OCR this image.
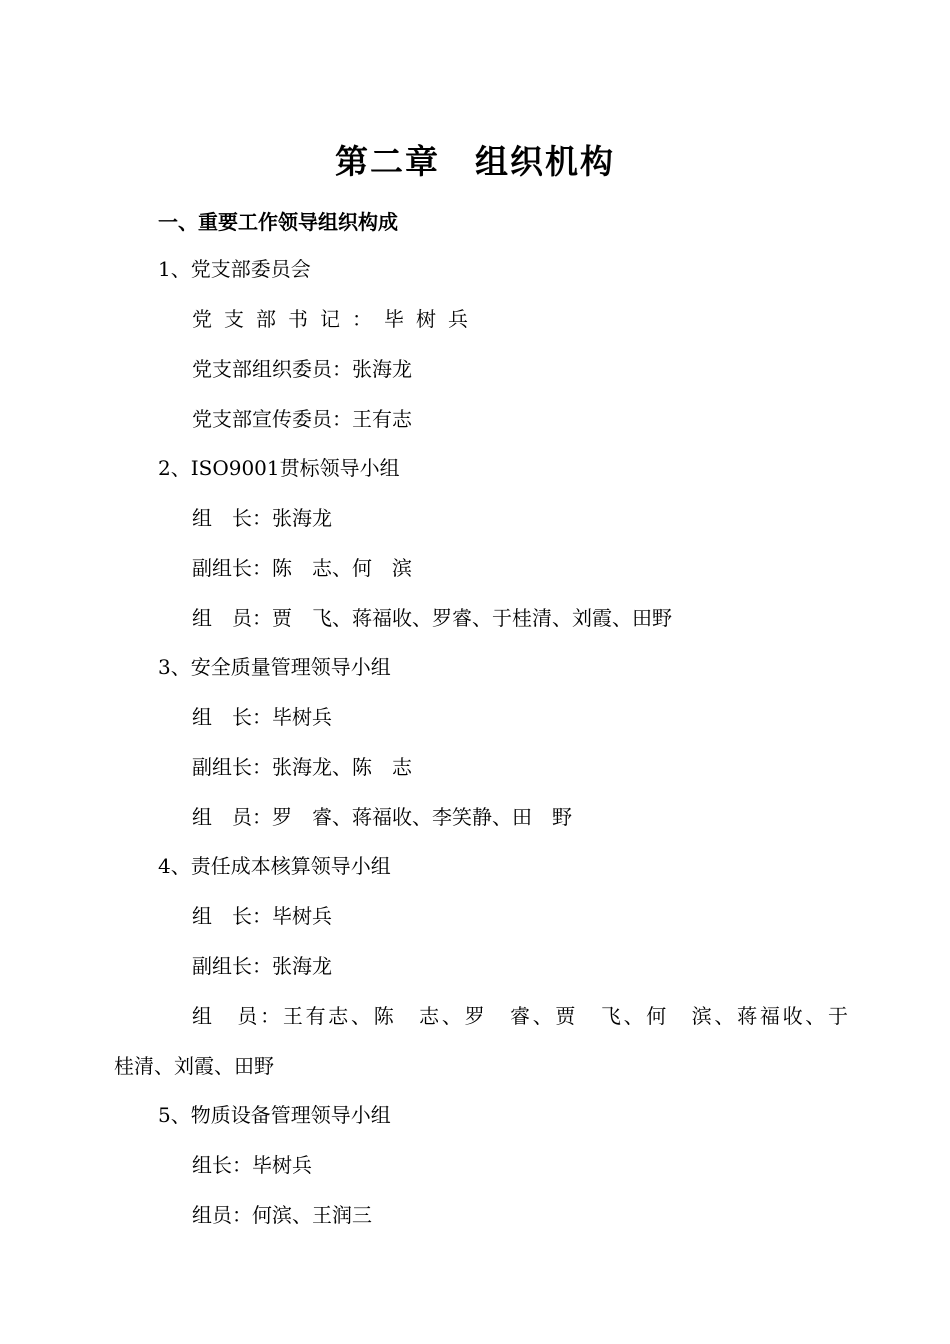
第二章　组织机构
一、重要工作领导组织构成
1、党支部委员会
党支部书记：毕树兵
党支部组织委员：张海龙
党支部宣传委员：王有志
2、ISO9001贯标领导小组
组　长：张海龙
副组长：陈　志、何　滨
组　员：贾　飞、蒋福收、罗睿、于桂清、刘霞、田野
3、安全质量管理领导小组
组　长：毕树兵
副组长：张海龙、陈　志
组　员：罗　睿、蒋福收、李笑静、田　野
4、责任成本核算领导小组
组　长：毕树兵
副组长：张海龙
组　员：王有志、陈　志、罗　睿、贾　飞、何　滨、蒋福收、于
桂清、刘霞、田野
5、物质设备管理领导小组
组长：毕树兵
组员：何滨、王润三
